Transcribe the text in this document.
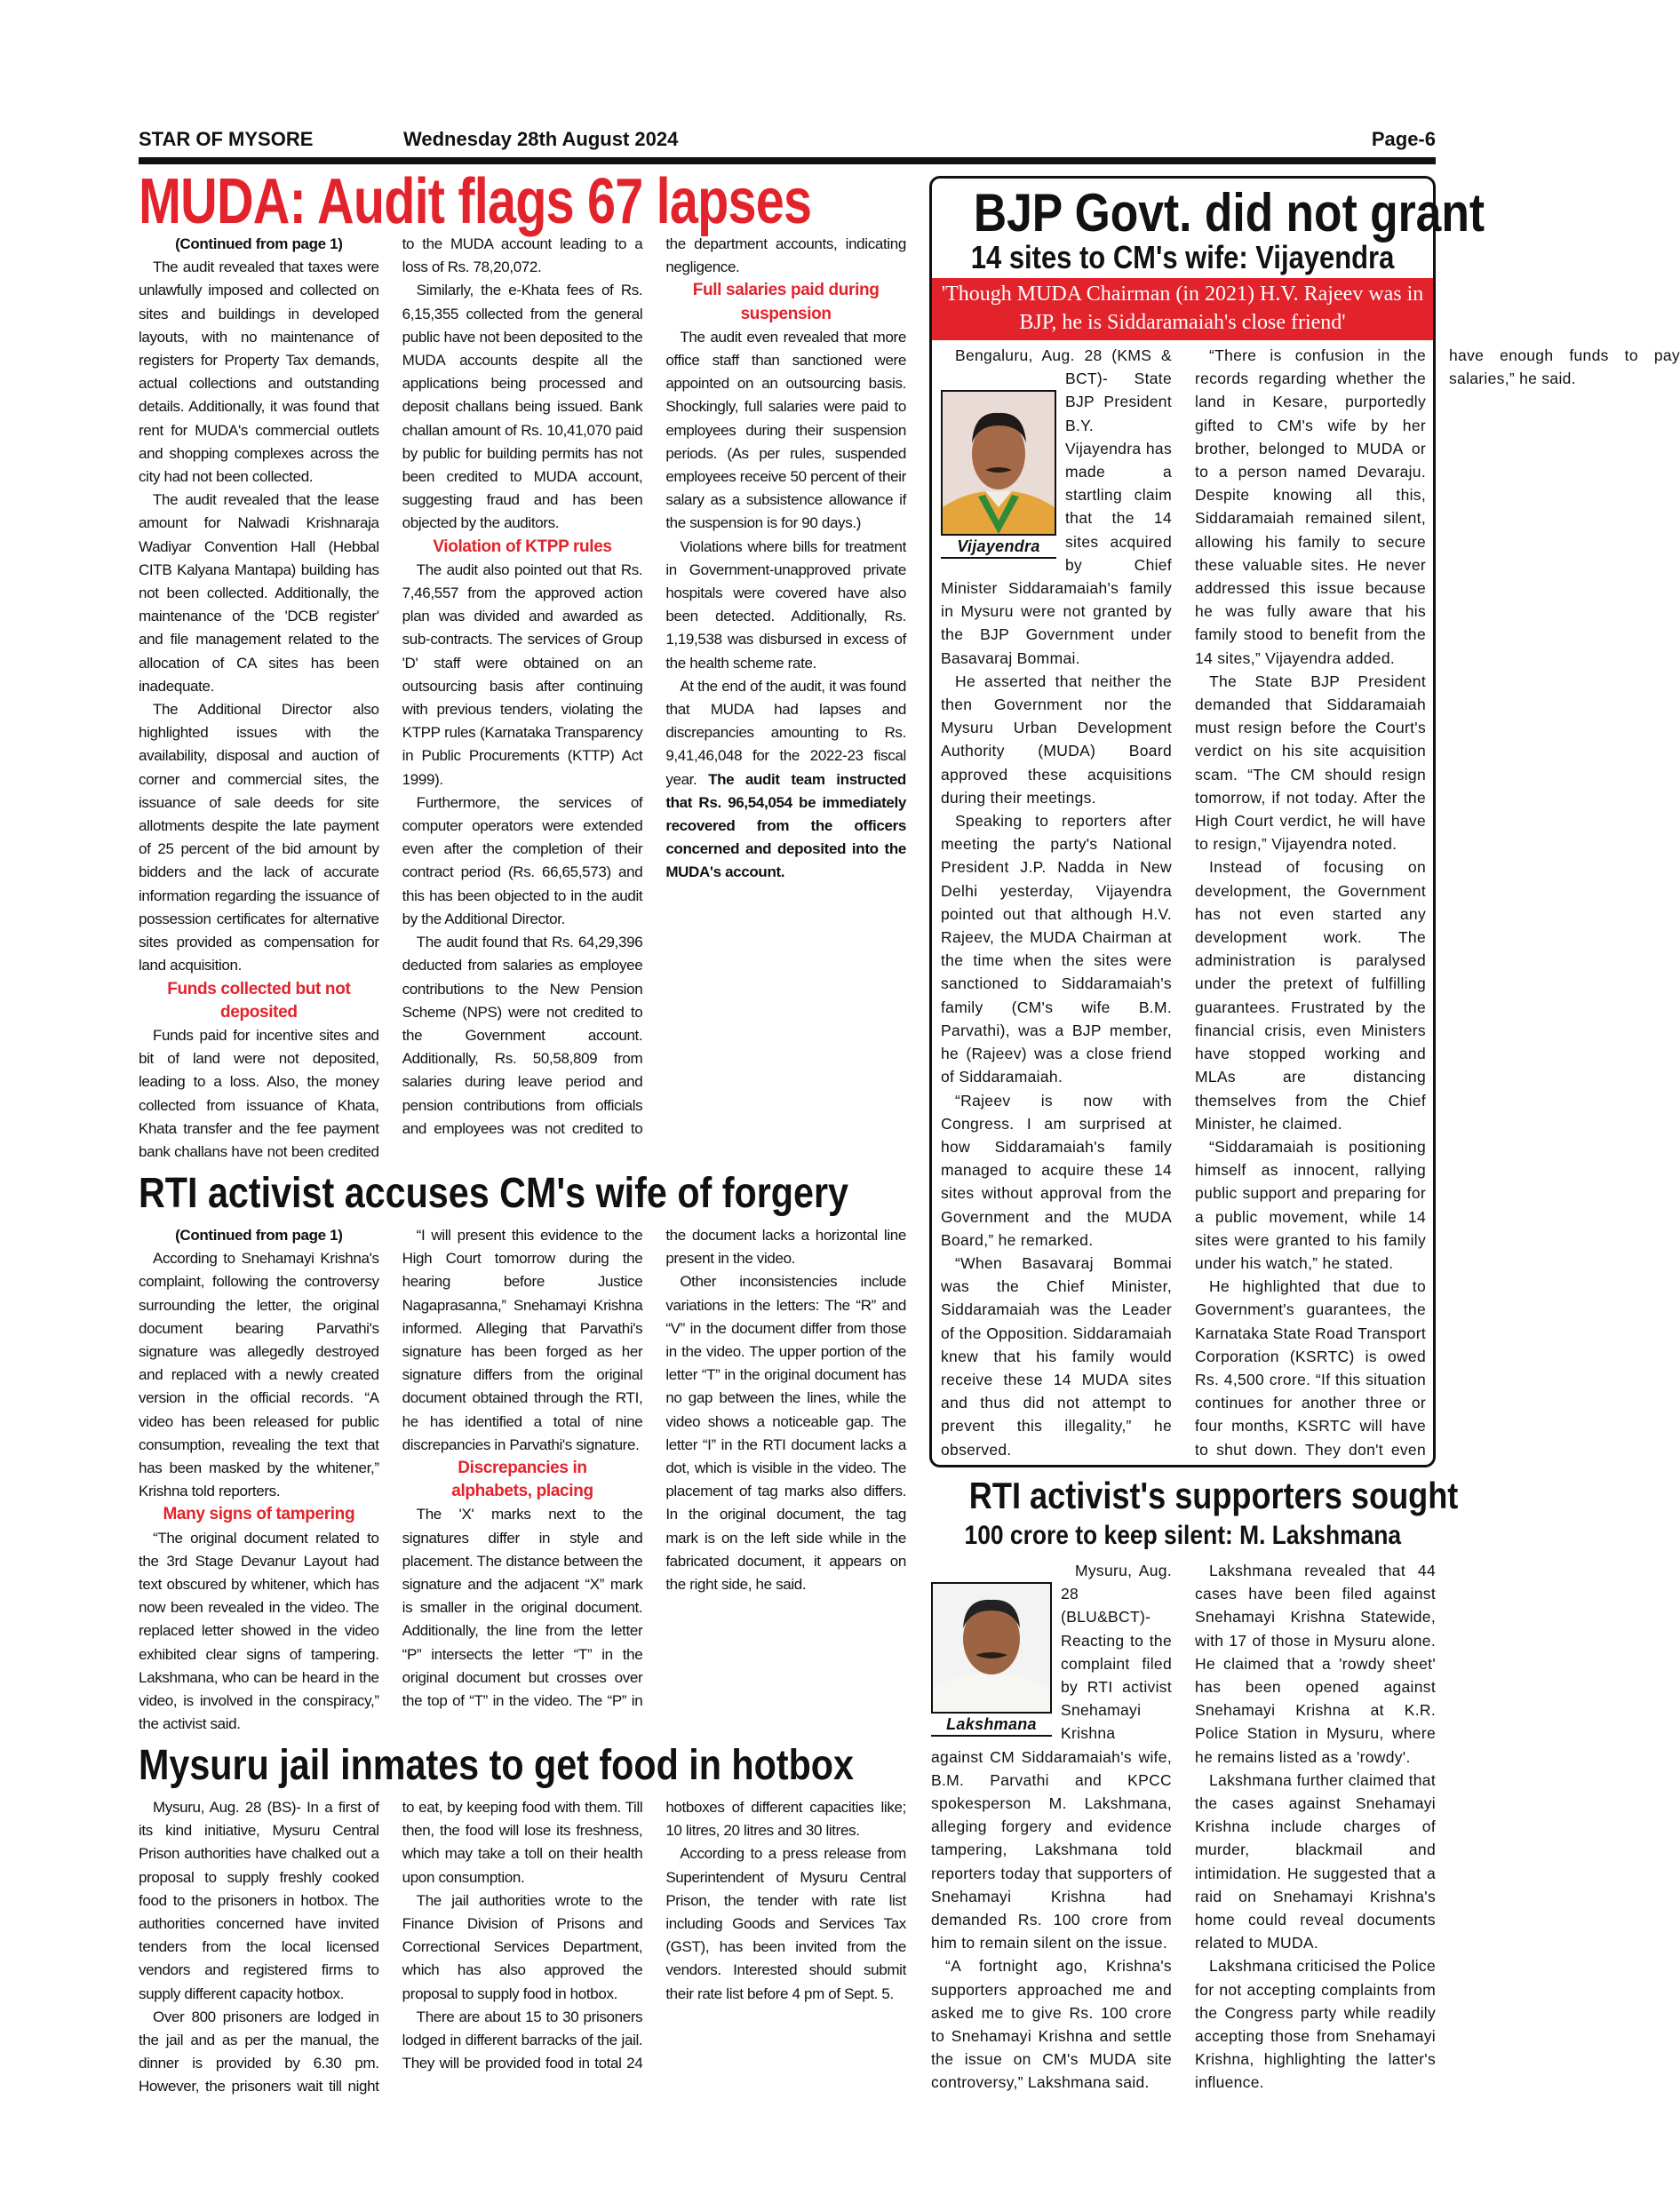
STAR OF MYSORE	Wednesday 28th August 2024	Page-6
MUDA: Audit flags 67 lapses

(Continued from page 1)

The audit revealed that taxes were unlawfully imposed and collected on sites and buildings in developed layouts, with no maintenance of registers for Property Tax demands, actual collections and outstanding details. Additionally, it was found that rent for MUDA's commercial outlets and shopping complexes across the city had not been collected.

The audit revealed that the lease amount for Nalwadi Krishnaraja Wadiyar Convention Hall (Hebbal CITB Kalyana Mantapa) building has not been collected. Additionally, the maintenance of the 'DCB register' and file management related to the allocation of CA sites has been inadequate.

The Additional Director also highlighted issues with the availability, disposal and auction of corner and commercial sites, the issuance of sale deeds for site allotments despite the late payment of 25 percent of the bid amount by bidders and the lack of accurate information regarding the issuance of possession certificates for alternative sites provided as compensation for land acquisition.

Funds collected but not deposited

Funds paid for incentive sites and bit of land were not deposited, leading to a loss. Also, the money collected from issuance of Khata, Khata transfer and the fee payment bank challans have not been credited to the MUDA account leading to a loss of Rs. 78,20,072.

Similarly, the e-Khata fees of Rs. 6,15,355 collected from the general public have not been deposited to the MUDA accounts despite all the applications being processed and deposit challans being issued. Bank challan amount of Rs. 10,41,070 paid by public for building permits has not been credited to MUDA account, suggesting fraud and has been objected by the auditors.

Violation of KTPP rules

The audit also pointed out that Rs. 7,46,557 from the approved action plan was divided and awarded as sub-contracts. The services of Group 'D' staff were obtained on an outsourcing basis after continuing with previous tenders, violating the KTPP rules (Karnataka Transparency in Public Procurements (KTTP) Act 1999).

Furthermore, the services of computer operators were extended even after the completion of their contract period (Rs. 66,65,573) and this has been objected to in the audit by the Additional Director.

The audit found that Rs. 64,29,396 deducted from salaries as employee contributions to the New Pension Scheme (NPS) were not credited to the Government account. Additionally, Rs. 50,58,809 from salaries during leave period and pension contributions from officials and employees was not credited to the department accounts, indicating negligence.

Full salaries paid during suspension

The audit even revealed that more office staff than sanctioned were appointed on an outsourcing basis. Shockingly, full salaries were paid to employees during their suspension periods. (As per rules, suspended employees receive 50 percent of their salary as a subsistence allowance if the suspension is for 90 days.)

Violations where bills for treatment in Government-unapproved private hospitals were covered have also been detected. Additionally, Rs. 1,19,538 was disbursed in excess of the health scheme rate.

At the end of the audit, it was found that MUDA had lapses and discrepancies amounting to Rs. 9,41,46,048 for the 2022-23 fiscal year. The audit team instructed that Rs. 96,54,054 be immediately recovered from the officers concerned and deposited into the MUDA's account.

RTI activist accuses CM's wife of forgery

(Continued from page 1)

According to Snehamayi Krishna's complaint, following the controversy surrounding the letter, the original document bearing Parvathi's signature was allegedly destroyed and replaced with a newly created version in the official records. “A video has been released for public consumption, revealing the text that has been masked by the whitener,” Krishna told reporters.

Many signs of tampering

“The original document related to the 3rd Stage Devanur Layout had text obscured by whitener, which has now been revealed in the video. The replaced letter showed in the video exhibited clear signs of tampering. Lakshmana, who can be heard in the video, is involved in the conspiracy,” the activist said.

“I will present this evidence to the High Court tomorrow during the hearing before Justice Nagaprasanna,” Snehamayi Krishna informed. Alleging that Parvathi's signature has been forged as her signature differs from the original document obtained through the RTI, he has identified a total of nine discrepancies in Parvathi's signature.

Discrepancies in alphabets, placing

The 'X' marks next to the signatures differ in style and placement. The distance between the signature and the adjacent “X” mark is smaller in the original document. Additionally, the line from the letter “P” intersects the letter “T” in the original document but crosses over the top of “T” in the video. The “P” in the document lacks a horizontal line present in the video.

Other inconsistencies include variations in the letters: The “R” and “V” in the document differ from those in the video. The upper portion of the letter “T” in the original document has no gap between the lines, while the video shows a noticeable gap. The letter “I” in the RTI document lacks a dot, which is visible in the video. The placement of tag marks also differs. In the original document, the tag mark is on the left side while in the fabricated document, it appears on the right side, he said.

Mysuru jail inmates to get food in hotbox

Mysuru, Aug. 28 (BS)- In a first of its kind initiative, Mysuru Central Prison authorities have chalked out a proposal to supply freshly cooked food to the prisoners in hotbox. The authorities concerned have invited tenders from the local licensed vendors and registered firms to supply different capacity hotbox.

Over 800 prisoners are lodged in the jail and as per the manual, the dinner is provided by 6.30 pm. However, the prisoners wait till night to eat, by keeping food with them. Till then, the food will lose its freshness, which may take a toll on their health upon consumption.

The jail authorities wrote to the Finance Division of Prisons and Correctional Services Department, which has also approved the proposal to supply food in hotbox.

There are about 15 to 30 prisoners lodged in different barracks of the jail. They will be provided food in total 24 hotboxes of different capacities like; 10 litres, 20 litres and 30 litres.

According to a press release from Superintendent of Mysuru Central Prison, the tender with rate list including Goods and Services Tax (GST), has been invited from the vendors. Interested should submit their rate list before 4 pm of Sept. 5.

BJP Govt. did not grant
14 sites to CM's wife: Vijayendra
'Though MUDA Chairman (in 2021) H.V. Rajeev was in BJP, he is Siddaramaiah's close friend'
Vijayendra

Bengaluru, Aug. 28 (KMS & BCT)- State BJP President B.Y. Vijayendra has made a startling claim that the 14 sites acquired by Chief Minister Siddaramaiah's family in Mysuru were not granted by the BJP Government under Basavaraj Bommai.

He asserted that neither the then Government nor the Mysuru Urban Development Authority (MUDA) Board approved these acquisitions during their meetings.

Speaking to reporters after meeting the party's National President J.P. Nadda in New Delhi yesterday, Vijayendra pointed out that although H.V. Rajeev, the MUDA Chairman at the time when the sites were sanctioned to Siddaramaiah's family (CM's wife B.M. Parvathi), was a BJP member, he (Rajeev) was a close friend of Siddaramaiah.

“Rajeev is now with Congress. I am surprised at how Siddaramaiah's family managed to acquire these 14 sites without approval from the Government and the MUDA Board,” he remarked.

“When Basavaraj Bommai was the Chief Minister, Siddaramaiah was the Leader of the Opposition. Siddaramaiah knew that his family would receive these 14 MUDA sites and thus did not attempt to prevent this illegality,” he observed.

“There is confusion in the records regarding whether the land in Kesare, purportedly gifted to CM's wife by her brother, belonged to MUDA or to a person named Devaraju. Despite knowing all this, Siddaramaiah remained silent, allowing his family to secure these valuable sites. He never addressed this issue because he was fully aware that his family stood to benefit from the 14 sites,” Vijayendra added.

The State BJP President demanded that Siddaramaiah must resign before the Court's verdict on his site acquisition scam. “The CM should resign tomorrow, if not today. After the High Court verdict, he will have to resign,” Vijayendra noted.

Instead of focusing on development, the Government has not even started any development work. The administration is paralysed under the pretext of fulfilling guarantees. Frustrated by the financial crisis, even Ministers have stopped working and MLAs are distancing themselves from the Chief Minister, he claimed.

“Siddaramaiah is positioning himself as innocent, rallying public support and preparing for a public movement, while 14 sites were granted to his family under his watch,” he stated.

He highlighted that due to Government's guarantees, the Karnataka State Road Transport Corporation (KSRTC) is owed Rs. 4,500 crore. “If this situation continues for another three or four months, KSRTC will have to shut down. They don't even have enough funds to pay salaries,” he said.

RTI activist's supporters sought
100 crore to keep silent: M. Lakshmana
Lakshmana

Mysuru, Aug. 28 (BLU&BCT)- Reacting to the complaint filed by RTI activist Snehamayi Krishna against CM Siddaramaiah's wife, B.M. Parvathi and KPCC spokesperson M. Lakshmana, alleging forgery and evidence tampering, Lakshmana told reporters today that supporters of Snehamayi Krishna had demanded Rs. 100 crore from him to remain silent on the issue.

“A fortnight ago, Krishna's supporters approached me and asked me to give Rs. 100 crore to Snehamayi Krishna and settle the issue on CM's MUDA site controversy,” Lakshmana said.

Lakshmana revealed that 44 cases have been filed against Snehamayi Krishna Statewide, with 17 of those in Mysuru alone. He claimed that a 'rowdy sheet' has been opened against Snehamayi Krishna at K.R. Police Station in Mysuru, where he remains listed as a 'rowdy'.

Lakshmana further claimed that the cases against Snehamayi Krishna include charges of murder, blackmail and intimidation. He suggested that a raid on Snehamayi Krishna's home could reveal documents related to MUDA.

Lakshmana criticised the Police for not accepting complaints from the Congress party while readily accepting those from Snehamayi Krishna, highlighting the latter's influence.
